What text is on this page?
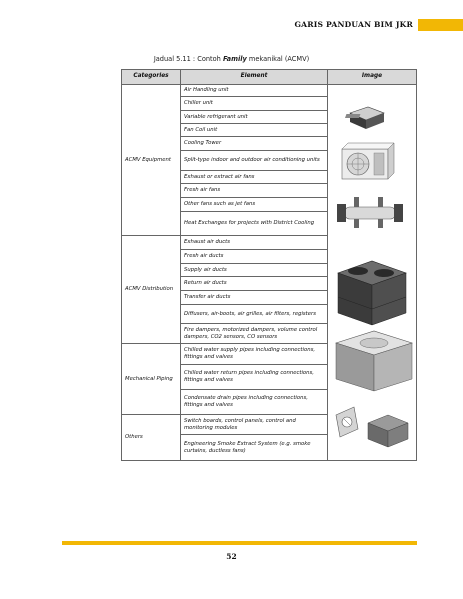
GARIS PANDUAN BIM JKR
Jadual 5.11 : Contoh Family mekanikal (ACMV)
Categories	Element	Image
ACMV Equipment	Air Handling unit	

	Chiller unit	
	Variable refrigerant unit	
	Fan Coil unit	
	Cooling Tower	
	Split-type indoor and outdoor air conditioning units	
	Exhaust or extract air fans	
	Fresh air fans	
	Other fans such as jet fans	
	Heat Exchanges for projects with District Cooling	
ACMV Distribution	Exhaust air ducts	
	Fresh air ducts	
	Supply air ducts	
	Return air ducts	
	Transfer air ducts	
	Diffusers, air-boots, air grilles, air filters, registers	
	Fire dampers, motorized dampers, volume control dampers, CO2 sensors, CO sensors	
Mechanical Piping	Chilled water supply pipes including connections, fittings and valves	
	Chilled water return pipes including connections, fittings and valves	
	Condensate drain pipes including connections, fittings and valves	
Others	Switch boards, control panels, control and monitoring modules	
	Engineering Smoke Extract System (e.g. smoke curtains, ductless fans)	
52
